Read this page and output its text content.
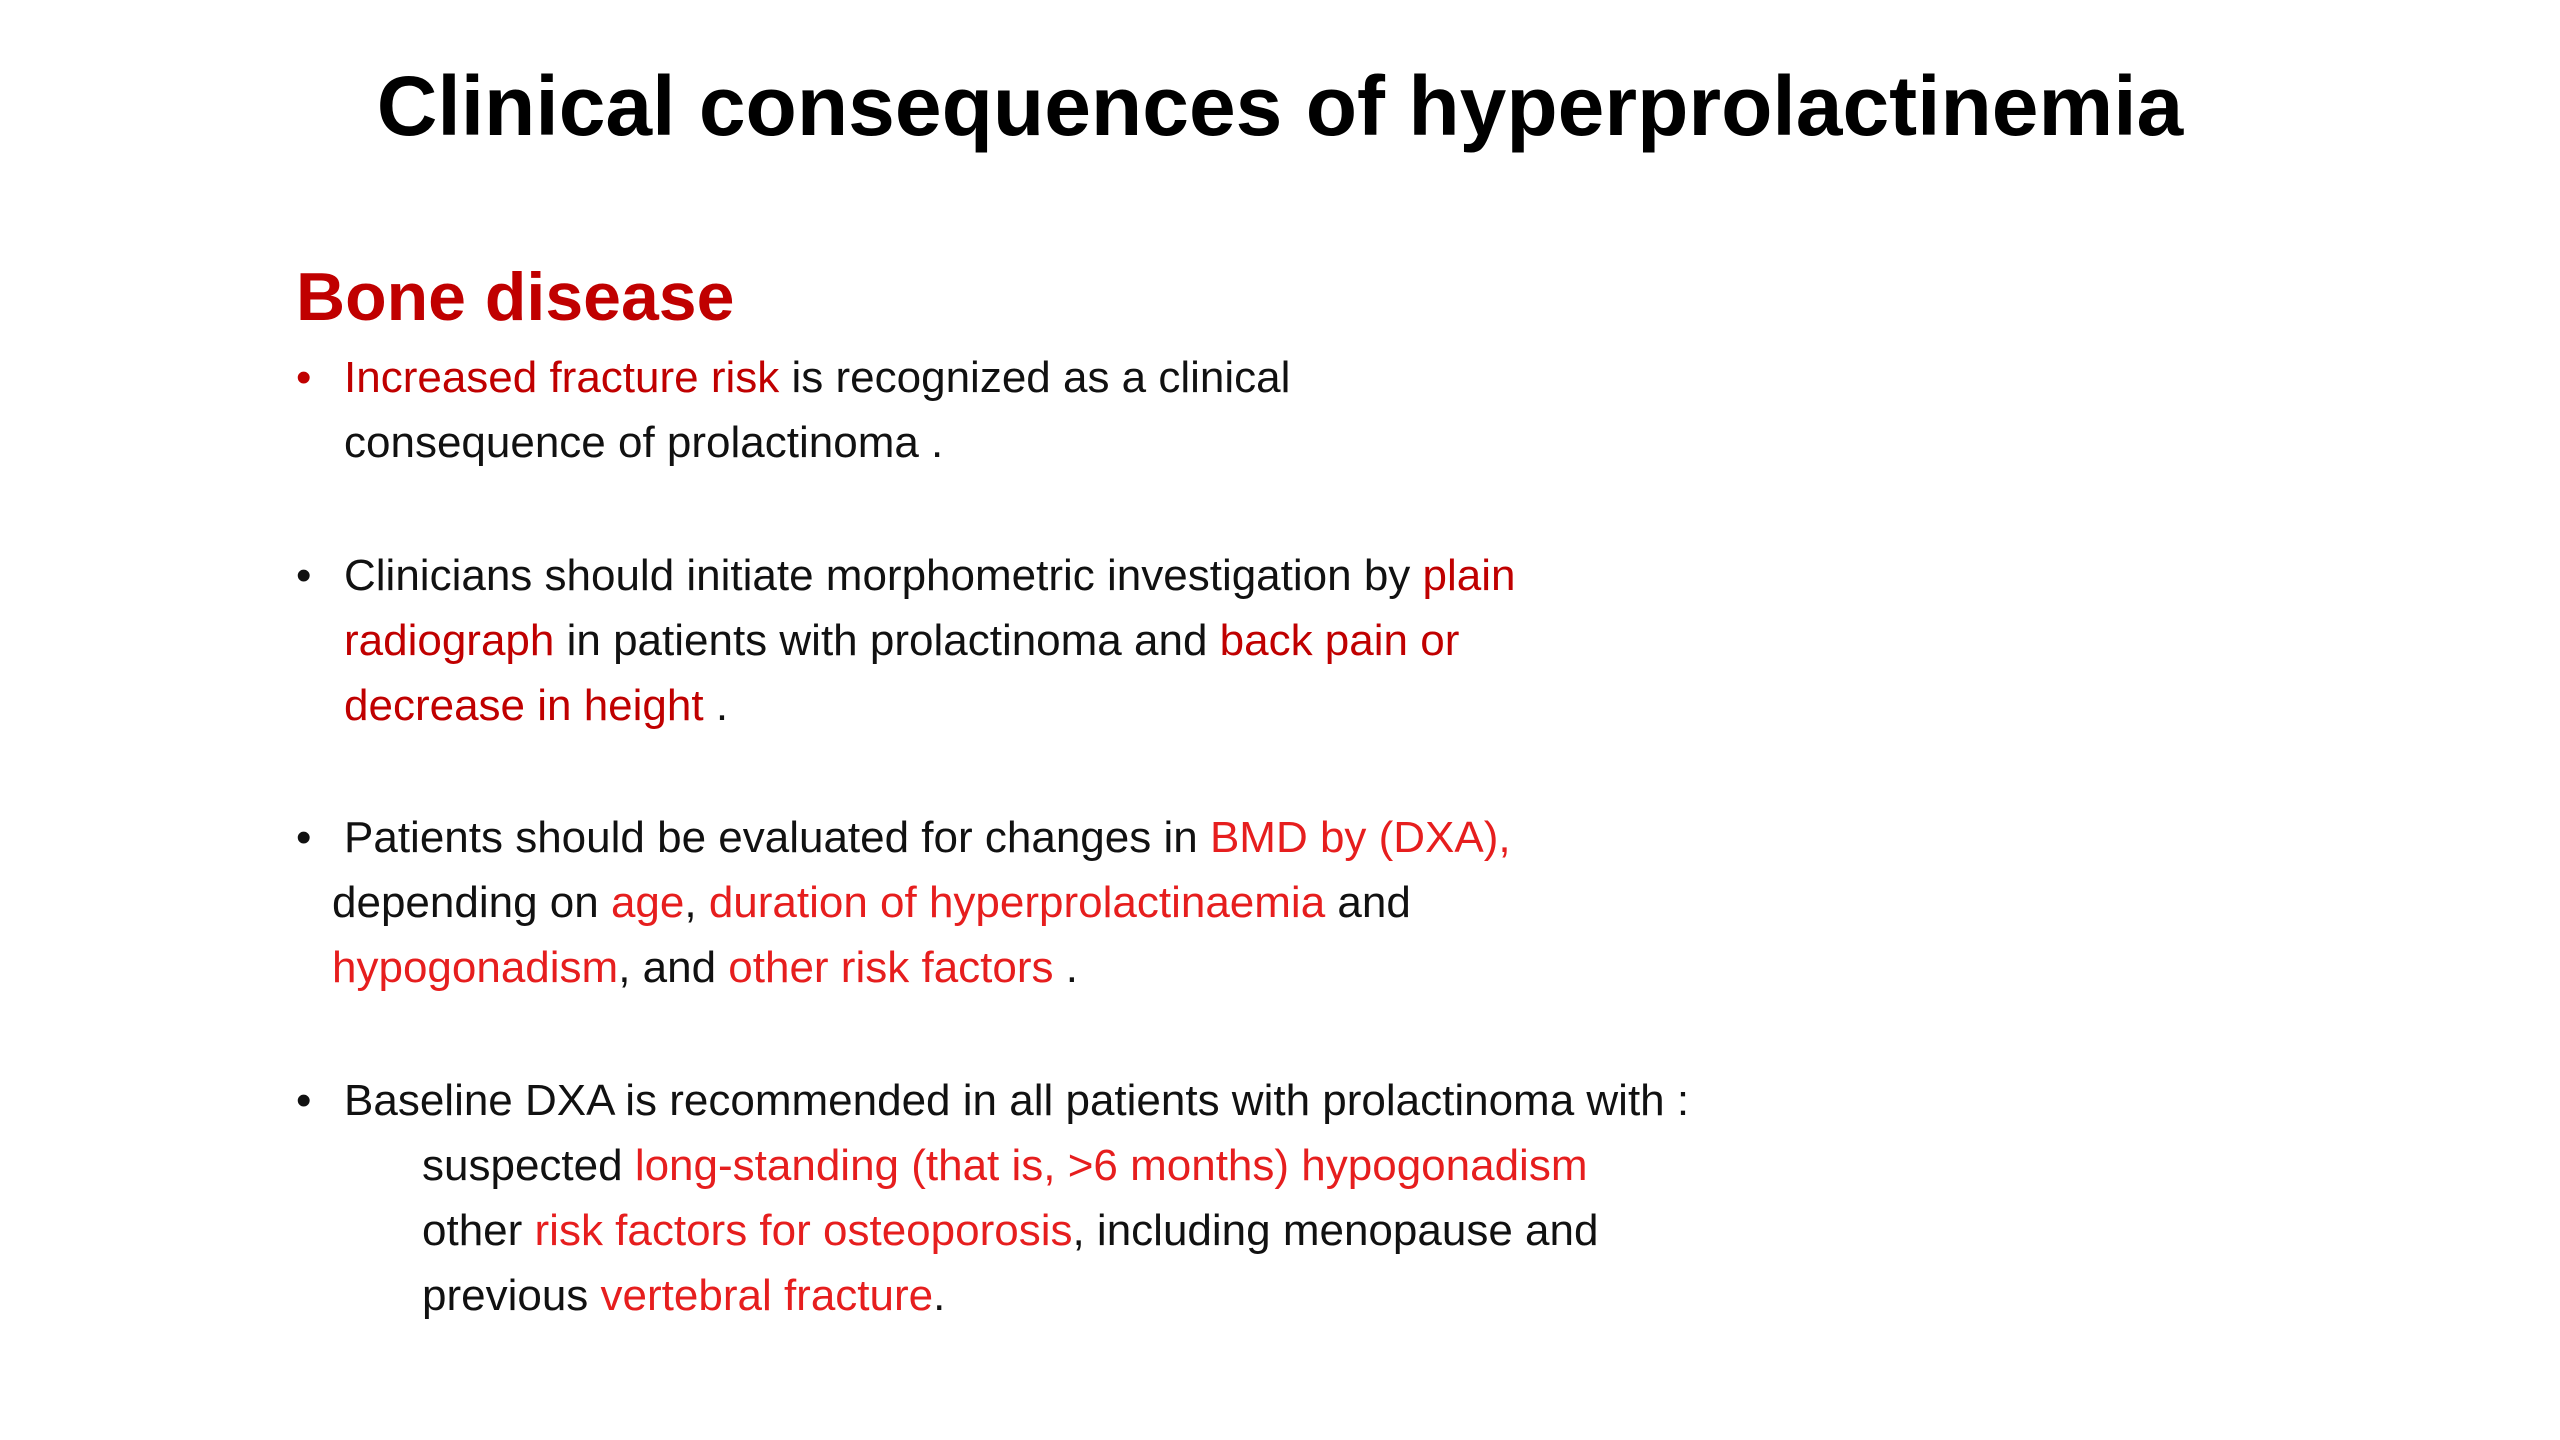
Clinical consequences of hyperprolactinemia
Bone disease
• Increased fracture risk is recognized as a clinical
consequence of prolactinoma .
• Clinicians should initiate morphometric investigation by plain
radiograph in patients with prolactinoma and back pain or
decrease in height .
• Patients should be evaluated for changes in BMD by (DXA),
depending on age, duration of hyperprolactinaemia and
hypogonadism, and other risk factors .
• Baseline DXA is recommended in all patients with prolactinoma with :
suspected long-standing (that is, >6 months) hypogonadism
other risk factors for osteoporosis, including menopause and
previous vertebral fracture.
